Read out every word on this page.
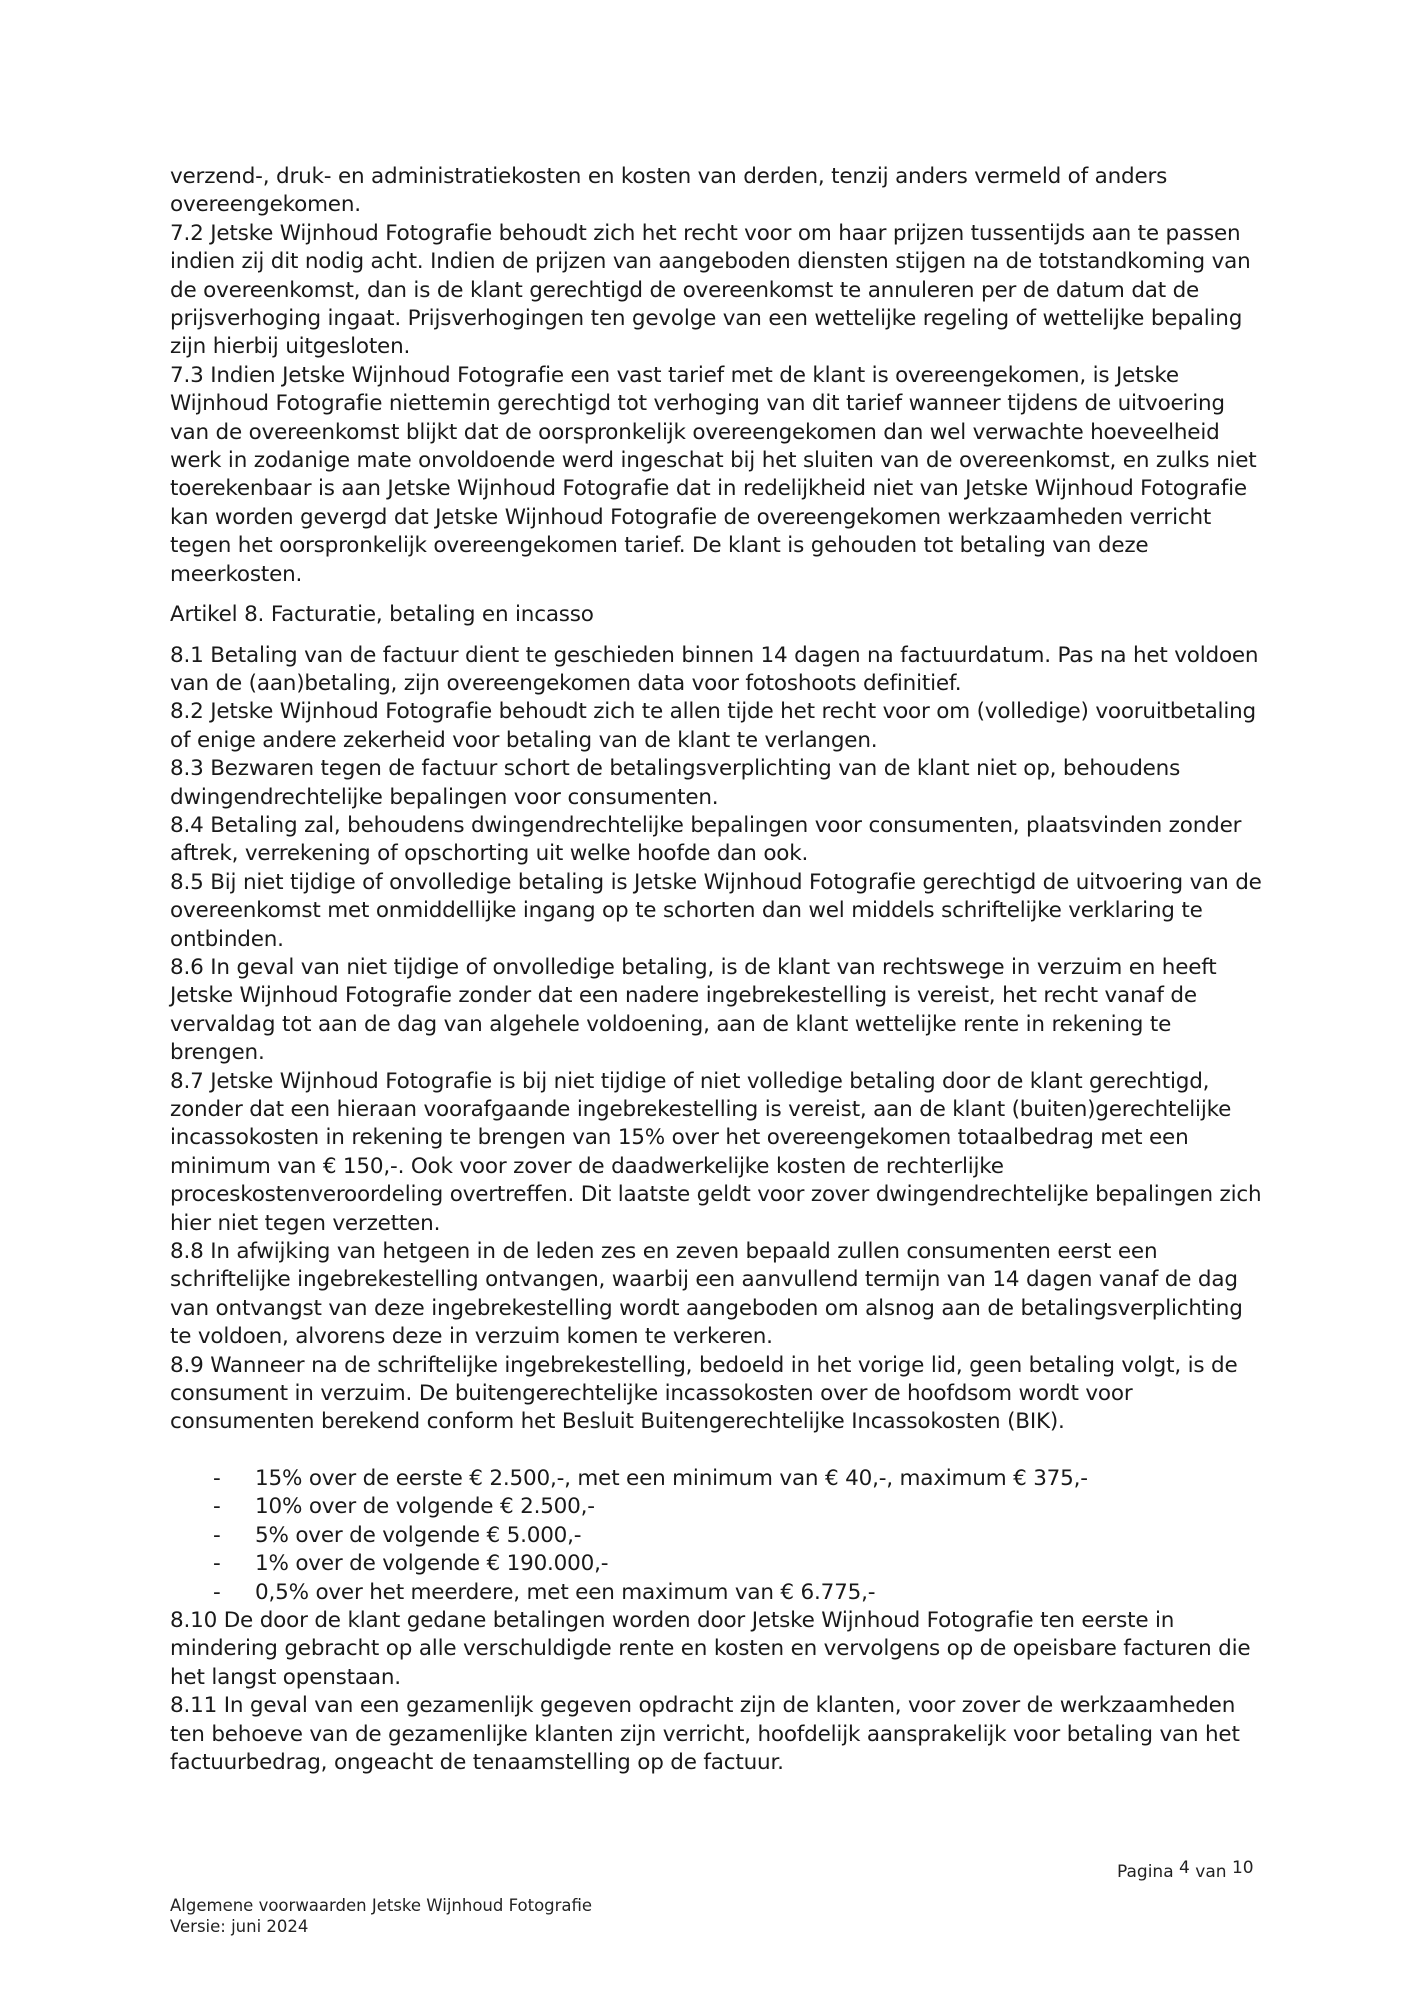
verzend-, druk- en administratiekosten en kosten van derden, tenzij anders vermeld of anders overeengekomen.

7.2 Jetske Wijnhoud Fotografie behoudt zich het recht voor om haar prijzen tussentijds aan te passen indien zij dit nodig acht. Indien de prijzen van aangeboden diensten stijgen na de totstandkoming van de overeenkomst, dan is de klant gerechtigd de overeenkomst te annuleren per de datum dat de prijsverhoging ingaat. Prijsverhogingen ten gevolge van een wettelijke regeling of wettelijke bepaling zijn hierbij uitgesloten.

7.3 Indien Jetske Wijnhoud Fotografie een vast tarief met de klant is overeengekomen, is Jetske Wijnhoud Fotografie niettemin gerechtigd tot verhoging van dit tarief wanneer tijdens de uitvoering van de overeenkomst blijkt dat de oorspronkelijk overeengekomen dan wel verwachte hoeveelheid werk in zodanige mate onvoldoende werd ingeschat bij het sluiten van de overeenkomst, en zulks niet toerekenbaar is aan Jetske Wijnhoud Fotografie dat in redelijkheid niet van Jetske Wijnhoud Fotografie kan worden gevergd dat Jetske Wijnhoud Fotografie de overeengekomen werkzaamheden verricht tegen het oorspronkelijk overeengekomen tarief. De klant is gehouden tot betaling van deze meerkosten.

Artikel 8. Facturatie, betaling en incasso

8.1 Betaling van de factuur dient te geschieden binnen 14 dagen na factuurdatum. Pas na het voldoen van de (aan)betaling, zijn overeengekomen data voor fotoshoots definitief.

8.2 Jetske Wijnhoud Fotografie behoudt zich te allen tijde het recht voor om (volledige) vooruitbetaling of enige andere zekerheid voor betaling van de klant te verlangen.

8.3 Bezwaren tegen de factuur schort de betalingsverplichting van de klant niet op, behoudens dwingendrechtelijke bepalingen voor consumenten.

8.4 Betaling zal, behoudens dwingendrechtelijke bepalingen voor consumenten, plaatsvinden zonder aftrek, verrekening of opschorting uit welke hoofde dan ook.

8.5 Bij niet tijdige of onvolledige betaling is Jetske Wijnhoud Fotografie gerechtigd de uitvoering van de overeenkomst met onmiddellijke ingang op te schorten dan wel middels schriftelijke verklaring te ontbinden.

8.6 In geval van niet tijdige of onvolledige betaling, is de klant van rechtswege in verzuim en heeft Jetske Wijnhoud Fotografie zonder dat een nadere ingebrekestelling is vereist, het recht vanaf de vervaldag tot aan de dag van algehele voldoening, aan de klant wettelijke rente in rekening te brengen.

8.7 Jetske Wijnhoud Fotografie is bij niet tijdige of niet volledige betaling door de klant gerechtigd, zonder dat een hieraan voorafgaande ingebrekestelling is vereist, aan de klant (buiten)gerechtelijke incassokosten in rekening te brengen van 15% over het overeengekomen totaalbedrag met een minimum van € 150,-. Ook voor zover de daadwerkelijke kosten de rechterlijke proceskostenveroordeling overtreffen. Dit laatste geldt voor zover dwingendrechtelijke bepalingen zich hier niet tegen verzetten.

8.8 In afwijking van hetgeen in de leden zes en zeven bepaald zullen consumenten eerst een schriftelijke ingebrekestelling ontvangen, waarbij een aanvullend termijn van 14 dagen vanaf de dag van ontvangst van deze ingebrekestelling wordt aangeboden om alsnog aan de betalingsverplichting te voldoen, alvorens deze in verzuim komen te verkeren.

8.9 Wanneer na de schriftelijke ingebrekestelling, bedoeld in het vorige lid, geen betaling volgt, is de consument in verzuim. De buitengerechtelijke incassokosten over de hoofdsom wordt voor consumenten berekend conform het Besluit Buitengerechtelijke Incassokosten (BIK).

- 15% over de eerste € 2.500,-, met een minimum van € 40,-, maximum € 375,-
- 10% over de volgende € 2.500,-
- 5% over de volgende € 5.000,-
- 1% over de volgende € 190.000,-
- 0,5% over het meerdere, met een maximum van € 6.775,-

8.10 De door de klant gedane betalingen worden door Jetske Wijnhoud Fotografie ten eerste in mindering gebracht op alle verschuldigde rente en kosten en vervolgens op de opeisbare facturen die het langst openstaan.

8.11 In geval van een gezamenlijk gegeven opdracht zijn de klanten, voor zover de werkzaamheden ten behoeve van de gezamenlijke klanten zijn verricht, hoofdelijk aansprakelijk voor betaling van het factuurbedrag, ongeacht de tenaamstelling op de factuur.

Pagina 4 van 10
Algemene voorwaarden Jetske Wijnhoud Fotografie
Versie: juni 2024
